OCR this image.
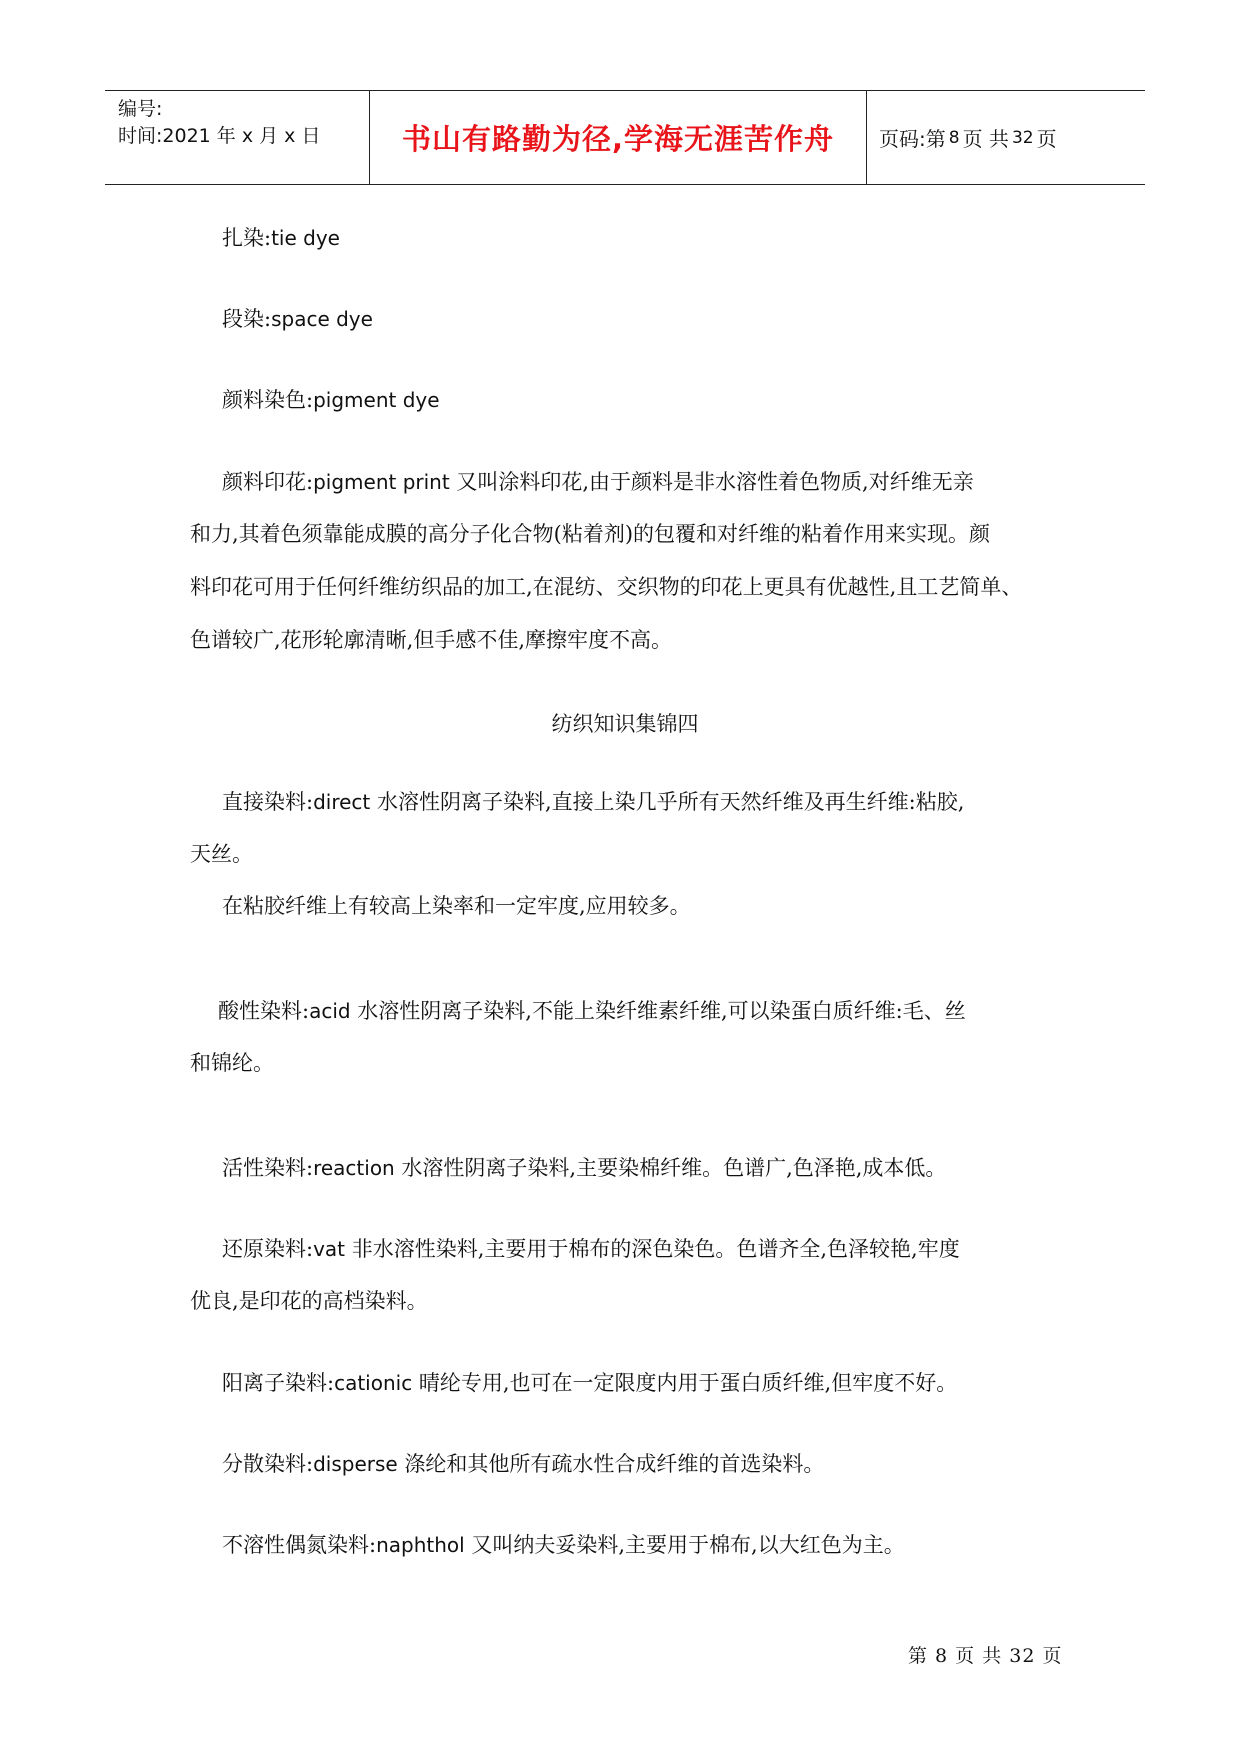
编号:
时间:2021 年 x 月 x 日	书山有路勤为径,学海无涯苦作舟 页码:第 8 页 共 32 页
扎染:tie dye
段染:space dye
颜料染色:pigment dye
颜料印花:pigment print 又叫涂料印花,由于颜料是非水溶性着色物质,对纤维无亲
和力,其着色须靠能成膜的高分子化合物(粘着剂)的包覆和对纤维的粘着作用来实现。颜
料印花可用于任何纤维纺织品的加工,在混纺、交织物的印花上更具有优越性,且工艺简单、
色谱较广,花形轮廓清晰,但手感不佳,摩擦牢度不高。
纺织知识集锦四
直接染料:direct 水溶性阴离子染料,直接上染几乎所有天然纤维及再生纤维:粘胶,
天丝。
在粘胶纤维上有较高上染率和一定牢度,应用较多。
酸性染料:acid 水溶性阴离子染料,不能上染纤维素纤维,可以染蛋白质纤维:毛、丝
和锦纶。
活性染料:reaction 水溶性阴离子染料,主要染棉纤维。色谱广,色泽艳,成本低。
还原染料:vat 非水溶性染料,主要用于棉布的深色染色。色谱齐全,色泽较艳,牢度
优良,是印花的高档染料。
阳离子染料:cationic 晴纶专用,也可在一定限度内用于蛋白质纤维,但牢度不好。
分散染料:disperse 涤纶和其他所有疏水性合成纤维的首选染料。
不溶性偶氮染料:naphthol 又叫纳夫妥染料,主要用于棉布,以大红色为主。
第 8 页 共 32 页
